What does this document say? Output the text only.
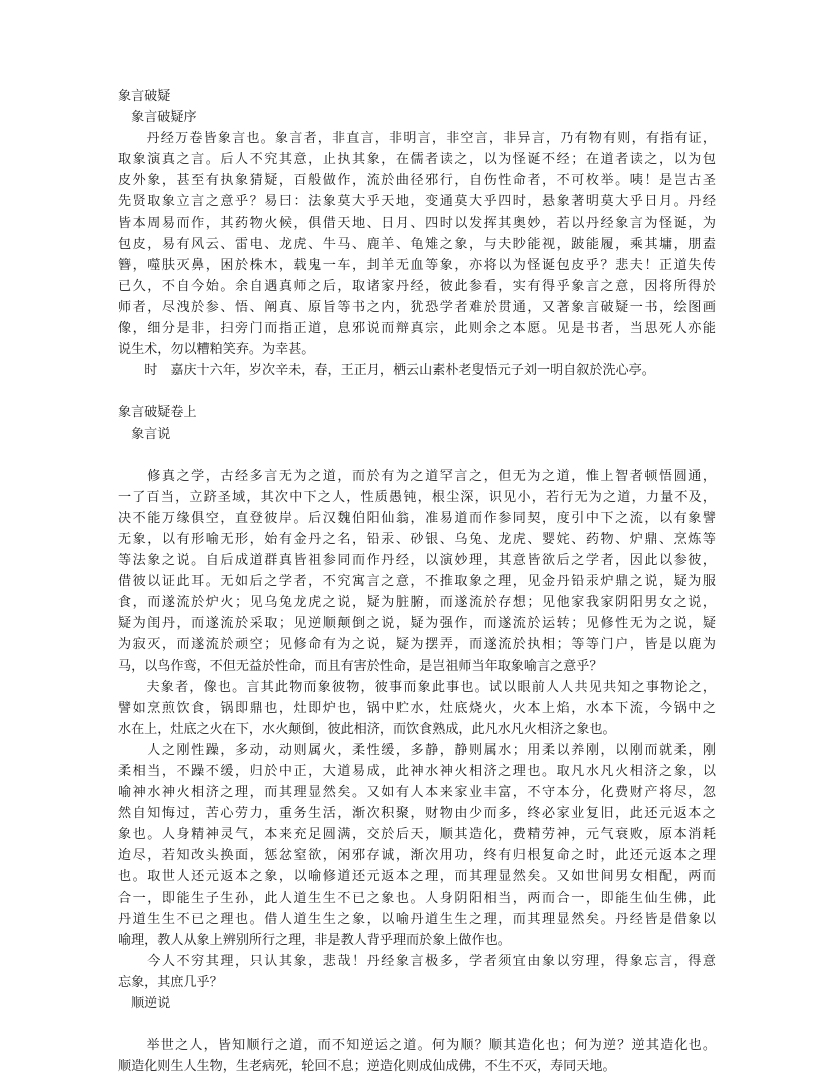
象言破疑
象言破疑序
　　丹经万卷皆象言也。象言者，非直言，非明言，非空言，非异言，乃有物有则，有指有证，
取象演真之言。后人不究其意，止执其象，在儒者读之，以为怪诞不经；在道者读之，以为包
皮外象，甚至有执象猜疑，百般做作，流於曲径邪行，自伤性命者，不可枚举。咦！是岂古圣
先贤取象立言之意乎？易曰：法象莫大乎天地，变通莫大乎四时，悬象著明莫大乎日月。丹经
皆本周易而作，其药物火候，俱借天地、日月、四时以发挥其奥妙，若以丹经象言为怪诞，为
包皮，易有风云、雷电、龙虎、牛马、鹿羊、龟雉之象，与夫眇能视，跛能履，乘其墉，朋盍
簪，噬肤灭鼻，困於株木，载鬼一车，刲羊无血等象，亦将以为怪诞包皮乎？悲夫！正道失传
已久，不自今始。余自遇真师之后，取诸家丹经，彼此参看，实有得乎象言之意，因将所得於
师者，尽洩於参、悟、阐真、原旨等书之内，犹恐学者难於贯通，又著象言破疑一书，绘图画
像，细分是非，扫旁门而指正道，息邪说而辩真宗，此则余之本愿。见是书者，当思死人亦能
说生术，勿以糟粕笑弃。为幸甚。
时　嘉庆十六年，岁次辛未，春，王正月，栖云山素朴老叟悟元子刘一明自叙於洗心亭。
象言破疑卷上
象言说
　　修真之学，古经多言无为之道，而於有为之道罕言之，但无为之道，惟上智者顿悟圆通，
一了百当，立跻圣域，其次中下之人，性质愚钝，根尘深，识见小，若行无为之道，力量不及，
决不能万缘俱空，直登彼岸。后汉魏伯阳仙翁，准易道而作参同契，度引中下之流，以有象譬
无象，以有形喻无形，始有金丹之名，铅汞、砂银、乌兔、龙虎、婴姹、药物、炉鼎、烹炼等
等法象之说。自后成道群真皆祖参同而作丹经，以演妙理，其意皆欲后之学者，因此以参彼，
借彼以证此耳。无如后之学者，不究寓言之意，不推取象之理，见金丹铅汞炉鼎之说，疑为服
食，而遂流於炉火；见乌兔龙虎之说，疑为脏腑，而遂流於存想；见他家我家阴阳男女之说，
疑为闺丹，而遂流於采取；见逆顺颠倒之说，疑为强作，而遂流於运转；见修性无为之说，疑
为寂灭，而遂流於顽空；见修命有为之说，疑为摆弄，而遂流於执相；等等门户，皆是以鹿为
马，以鸟作鸾，不但无益於性命，而且有害於性命，是岂祖师当年取象喻言之意乎？
　　夫象者，像也。言其此物而象彼物，彼事而象此事也。试以眼前人人共见共知之事物论之，
譬如烹煎饮食，锅即鼎也，灶即炉也，锅中贮水，灶底烧火，火本上焰，水本下流，今锅中之
水在上，灶底之火在下，水火颠倒，彼此相济，而饮食熟成，此凡水凡火相济之象也。
　　人之刚性躁，多动，动则属火，柔性缓，多静，静则属水；用柔以养刚，以刚而就柔，刚
柔相当，不躁不缓，归於中正，大道易成，此神水神火相济之理也。取凡水凡火相济之象，以
喻神水神火相济之理，而其理显然矣。又如有人本来家业丰富，不守本分，化费财产将尽，忽
然自知悔过，苦心劳力，重务生活，渐次积聚，财物由少而多，终必家业复旧，此还元返本之
象也。人身精神灵气，本来充足圆满，交於后天，顺其造化，费精劳神，元气衰败，原本消耗
迨尽，若知改头换面，惩忿窒欲，闲邪存诚，渐次用功，终有归根复命之时，此还元返本之理
也。取世人还元返本之象，以喻修道还元返本之理，而其理显然矣。又如世间男女相配，两而
合一，即能生子生孙，此人道生生不已之象也。人身阴阳相当，两而合一，即能生仙生佛，此
丹道生生不已之理也。借人道生生之象，以喻丹道生生之理，而其理显然矣。丹经皆是借象以
喻理，教人从象上辨别所行之理，非是教人背乎理而於象上做作也。
　　今人不穷其理，只认其象，悲哉！丹经象言极多，学者须宜由象以穷理，得象忘言，得意
忘象，其庶几乎？
顺逆说
　　举世之人，皆知顺行之道，而不知逆运之道。何为顺？顺其造化也；何为逆？逆其造化也。
顺造化则生人生物，生老病死，轮回不息；逆造化则成仙成佛，不生不灭，寿同天地。
